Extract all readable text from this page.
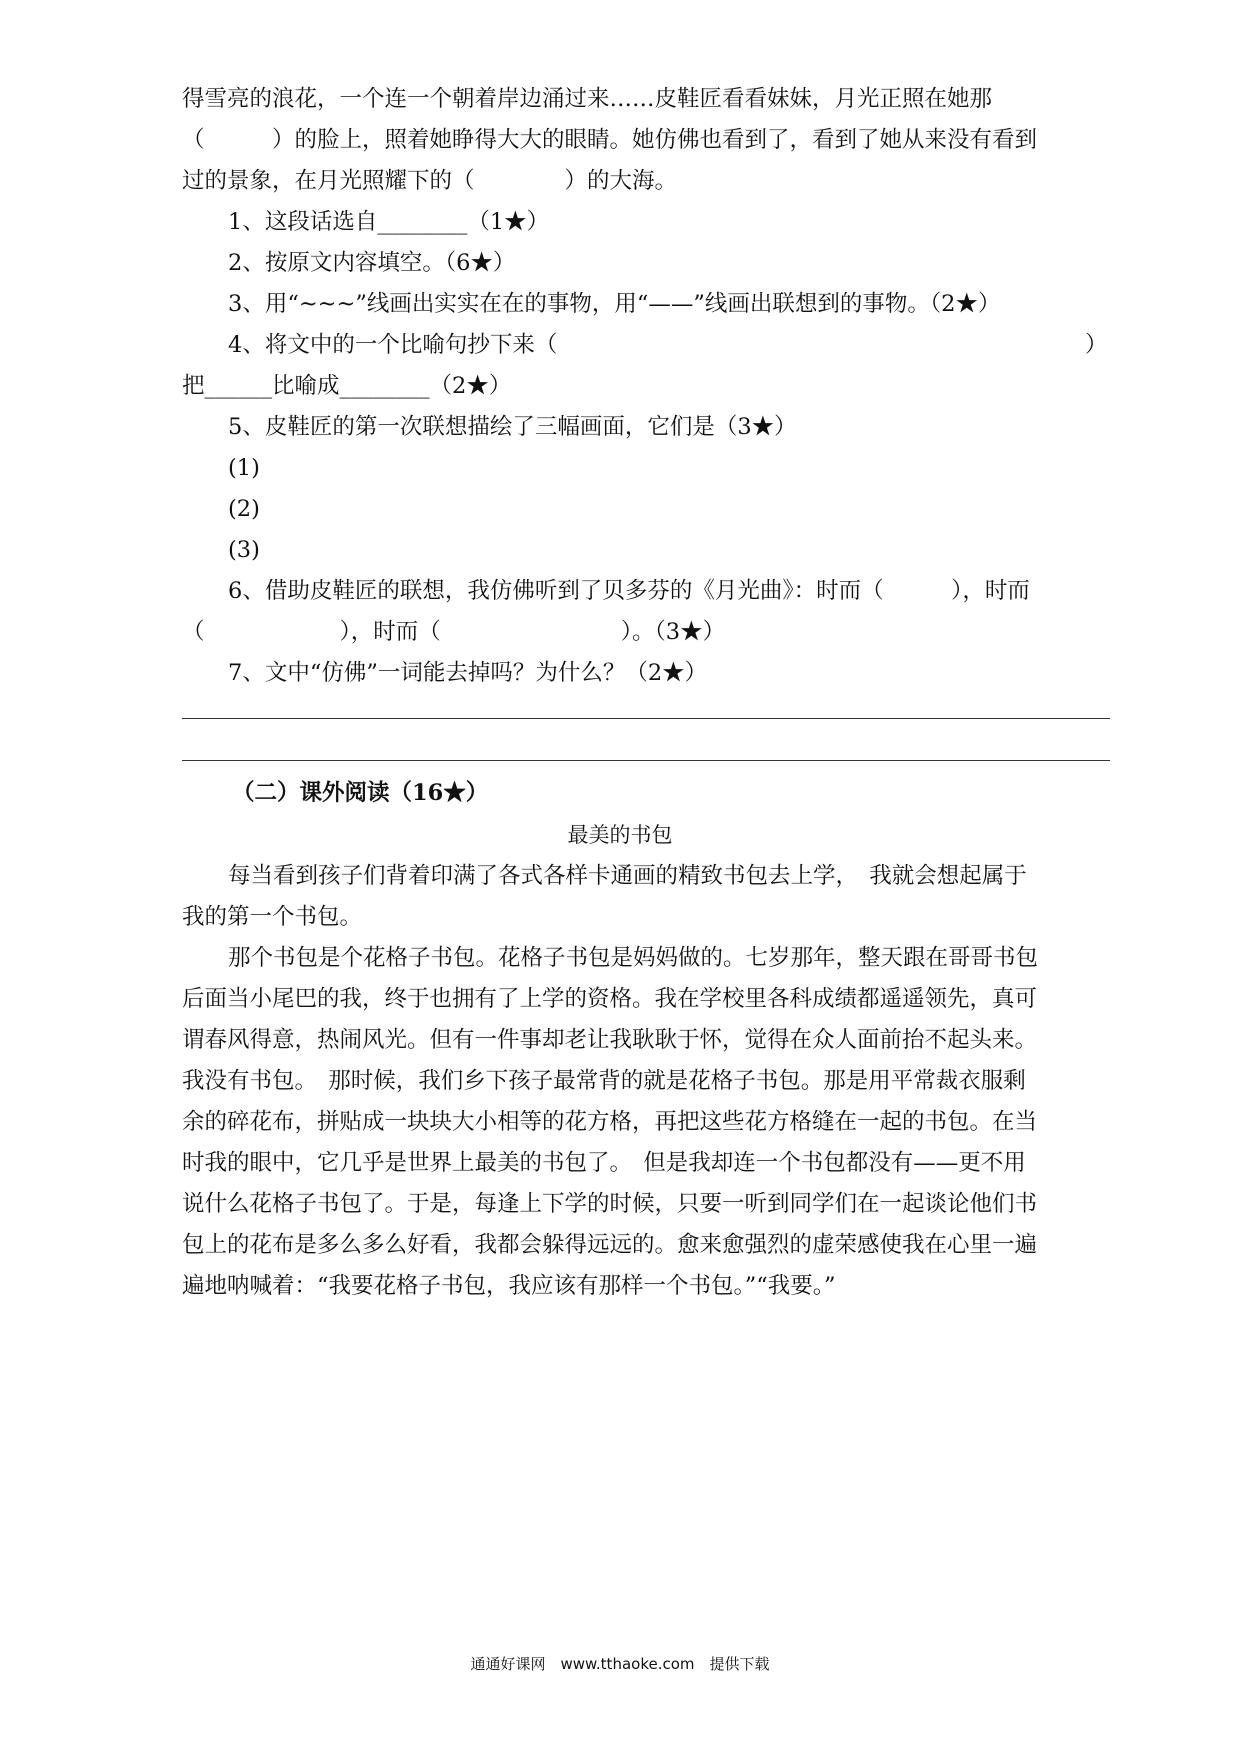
得雪亮的浪花，一个连一个朝着岸边涌过来……皮鞋匠看看妹妹，月光正照在她那
（　　　）的脸上，照着她睁得大大的眼睛。她仿佛也看到了，看到了她从来没有看到
过的景象，在月光照耀下的（　　　　）的大海。
1、这段话选自________（1★）
2、按原文内容填空。（6★）
3、用“~~~”线画出实实在在的事物，用“——”线画出联想到的事物。（2★）
4、将文中的一个比喻句抄下来（	）
把______比喻成________（2★）
5、皮鞋匠的第一次联想描绘了三幅画面，它们是（3★）
(1)
(2)
(3)
6、借助皮鞋匠的联想，我仿佛听到了贝多芬的《月光曲》：时而（　　　），时而
（　　　　　　），时而（　　　　　　　　）。（3★）
7、文中“仿佛”一词能去掉吗？为什么？（2★）
（二）课外阅读（16★）
最美的书包
每当看到孩子们背着印满了各式各样卡通画的精致书包去上学，　我就会想起属于
我的第一个书包。
那个书包是个花格子书包。花格子书包是妈妈做的。七岁那年，整天跟在哥哥书包
后面当小尾巴的我，终于也拥有了上学的资格。我在学校里各科成绩都遥遥领先，真可
谓春风得意，热闹风光。但有一件事却老让我耿耿于怀，觉得在众人面前抬不起头来。
我没有书包。　那时候，我们乡下孩子最常背的就是花格子书包。那是用平常裁衣服剩
余的碎花布，拼贴成一块块大小相等的花方格，再把这些花方格缝在一起的书包。在当
时我的眼中，它几乎是世界上最美的书包了。　但是我却连一个书包都没有——更不用
说什么花格子书包了。于是，每逢上下学的时候，只要一听到同学们在一起谈论他们书
包上的花布是多么多么好看，我都会躲得远远的。愈来愈强烈的虚荣感使我在心里一遍
遍地呐喊着：“我要花格子书包，我应该有那样一个书包。”“我要。”
通通好课网　www.tthaoke.com　提供下载
